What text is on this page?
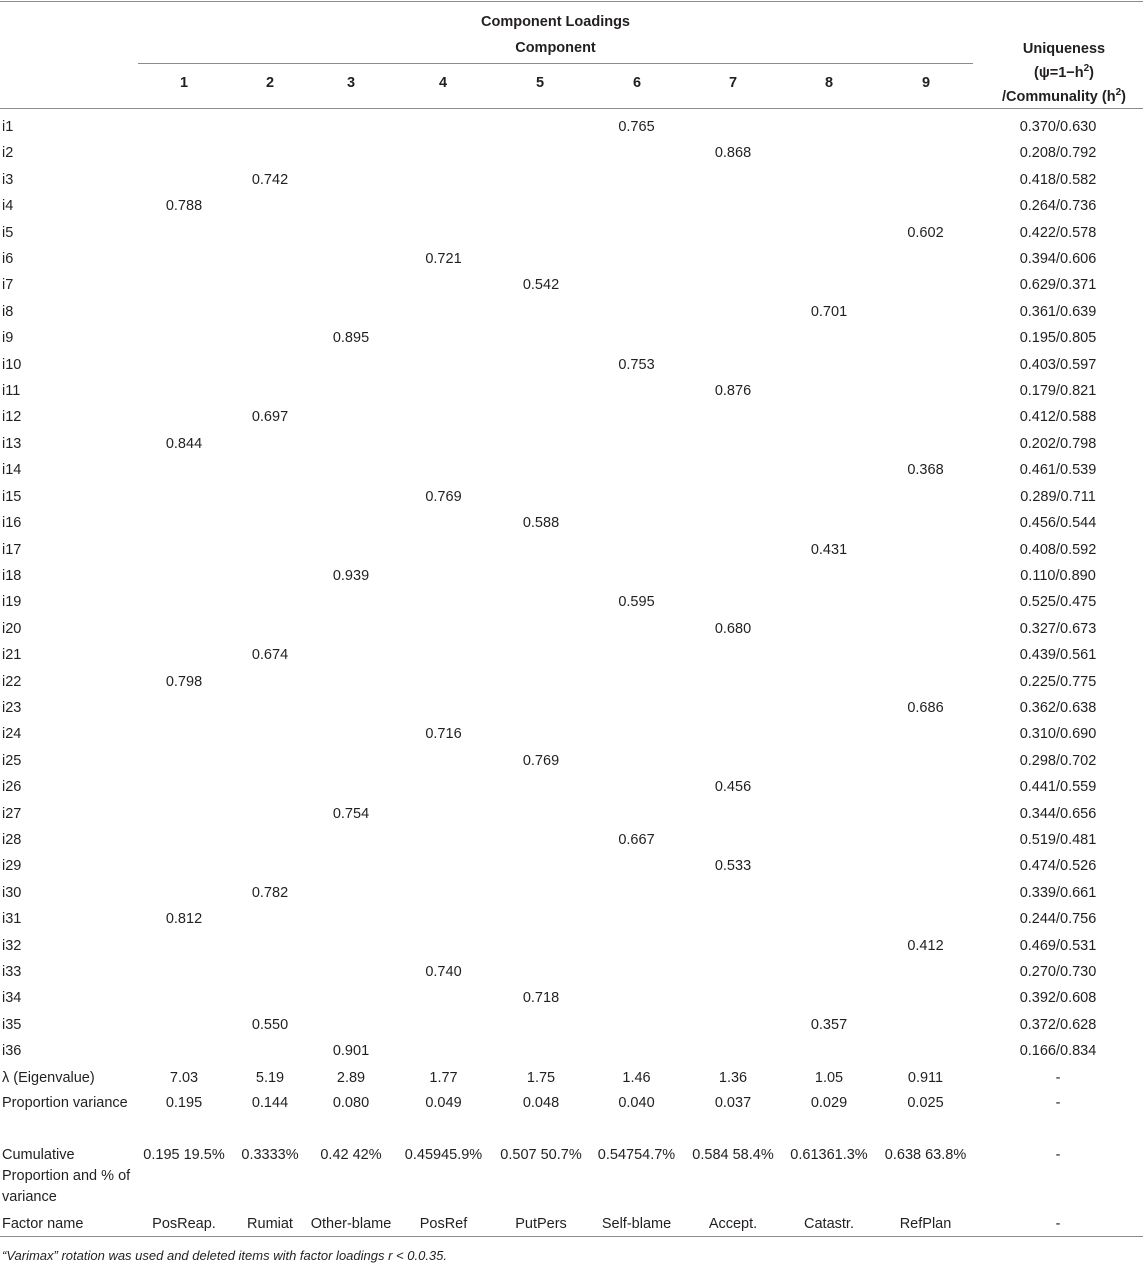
Component Loadings
Component	Uniqueness
$(\psi=1-h^2)$
/Communality $(h^2)$
1	2	3	4	5	6	7	8	9
i1						0.765				0.370/0.630
i2							0.868			0.208/0.792
i3		0.742								0.418/0.582
i4	0.788									0.264/0.736
i5									0.602	0.422/0.578
i6				0.721						0.394/0.606
i7					0.542					0.629/0.371
i8								0.701		0.361/0.639
i9			0.895							0.195/0.805
i10						0.753				0.403/0.597
i11							0.876			0.179/0.821
i12		0.697								0.412/0.588
i13	0.844									0.202/0.798
i14									0.368	0.461/0.539
i15				0.769						0.289/0.711
i16					0.588					0.456/0.544
i17								0.431		0.408/0.592
i18			0.939							0.110/0.890
i19						0.595				0.525/0.475
i20							0.680			0.327/0.673
i21		0.674								0.439/0.561
i22	0.798									0.225/0.775
i23									0.686	0.362/0.638
i24				0.716						0.310/0.690
i25					0.769					0.298/0.702
i26							0.456			0.441/0.559
i27			0.754							0.344/0.656
i28						0.667				0.519/0.481
i29							0.533			0.474/0.526
i30		0.782								0.339/0.661
i31	0.812									0.244/0.756
i32									0.412	0.469/0.531
i33				0.740						0.270/0.730
i34					0.718					0.392/0.608
i35		0.550						0.357		0.372/0.628
i36			0.901							0.166/0.834
λ (Eigenvalue)	7.03	5.19	2.89	1.77	1.75	1.46	1.36	1.05	0.911	-
Proportion variance	0.195	0.144	0.080	0.049	0.048	0.040	0.037	0.029	0.025	-
Cumulative Proportion and % of variance	0.195 19.5%	0.3333%	0.42 42%	0.45945.9%	0.507 50.7%	0.54754.7%	0.584 58.4%	0.61361.3%	0.638 63.8%	-
Factor name	PosReap.	Rumiat	Other-blame	PosRef	PutPers	Self-blame	Accept.	Catastr.	RefPlan	-
“Varimax” rotation was used and deleted items with factor loadings r < 0.0.35.
